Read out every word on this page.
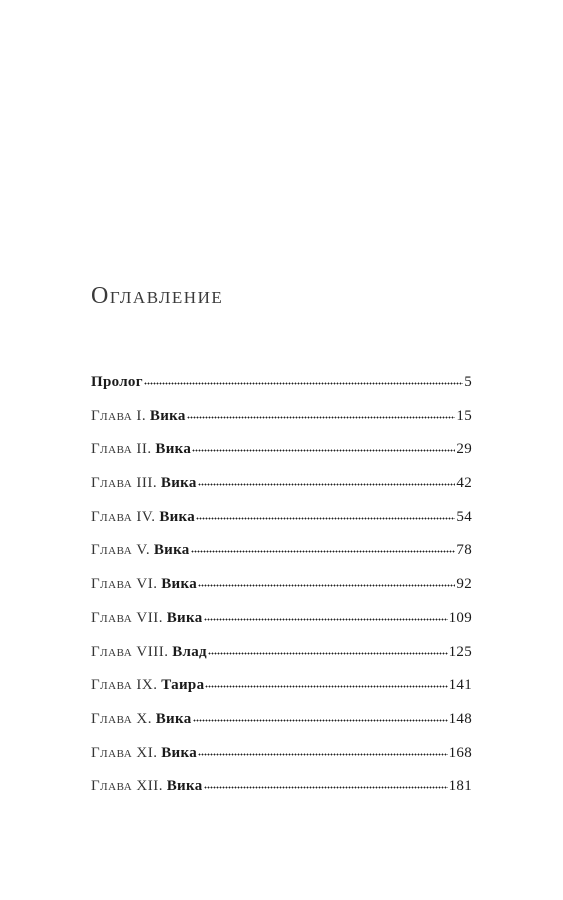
Оглавление
Пролог	5
Глава I. Вика	15
Глава II. Вика	29
Глава III. Вика	42
Глава IV. Вика	54
Глава V. Вика	78
Глава VI. Вика	92
Глава VII. Вика	109
Глава VIII. Влад	125
Глава IX. Таира	141
Глава X. Вика	148
Глава XI. Вика	168
Глава XII. Вика	181
